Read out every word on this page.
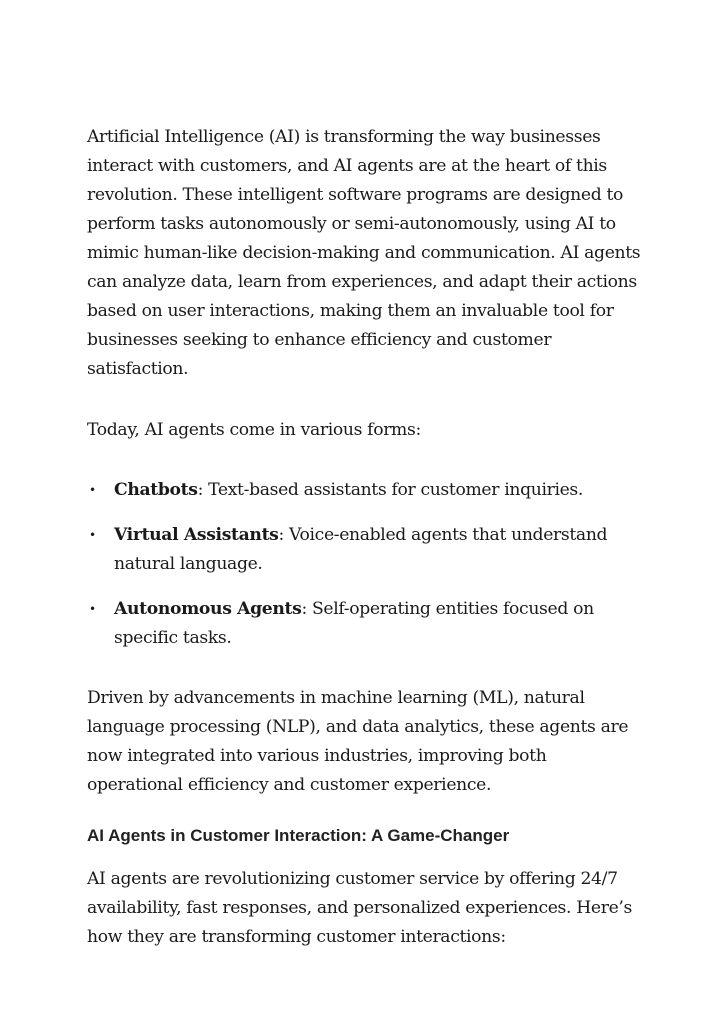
Artificial Intelligence (AI) is transforming the way businesses interact with customers, and AI agents are at the heart of this revolution. These intelligent software programs are designed to perform tasks autonomously or semi-autonomously, using AI to mimic human-like decision-making and communication. AI agents can analyze data, learn from experiences, and adapt their actions based on user interactions, making them an invaluable tool for businesses seeking to enhance efficiency and customer satisfaction.

Today, AI agents come in various forms:

• Chatbots: Text-based assistants for customer inquiries.
• Virtual Assistants: Voice-enabled agents that understand natural language.
• Autonomous Agents: Self-operating entities focused on specific tasks.

Driven by advancements in machine learning (ML), natural language processing (NLP), and data analytics, these agents are now integrated into various industries, improving both operational efficiency and customer experience.

AI Agents in Customer Interaction: A Game-Changer

AI agents are revolutionizing customer service by offering 24/7 availability, fast responses, and personalized experiences. Here’s how they are transforming customer interactions:
